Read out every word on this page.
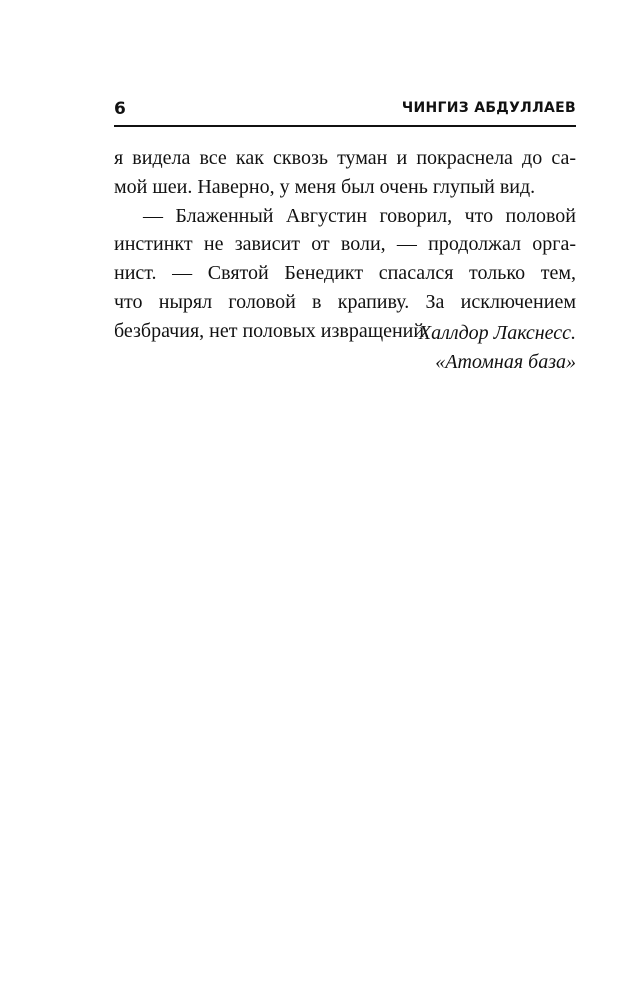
6	ЧИНГИЗ АБДУЛЛАЕВ
я видела все как сквозь туман и покраснела до са-
мой шеи. Наверно, у меня был очень глупый вид.
— Блаженный Августин говорил, что половой
инстинкт не зависит от воли, — продолжал орга-
нист. — Святой Бенедикт спасался только тем,
что нырял головой в крапиву. За исключением
безбрачия, нет половых извращений.
Халлдор Лакснесс.
«Атомная база»
